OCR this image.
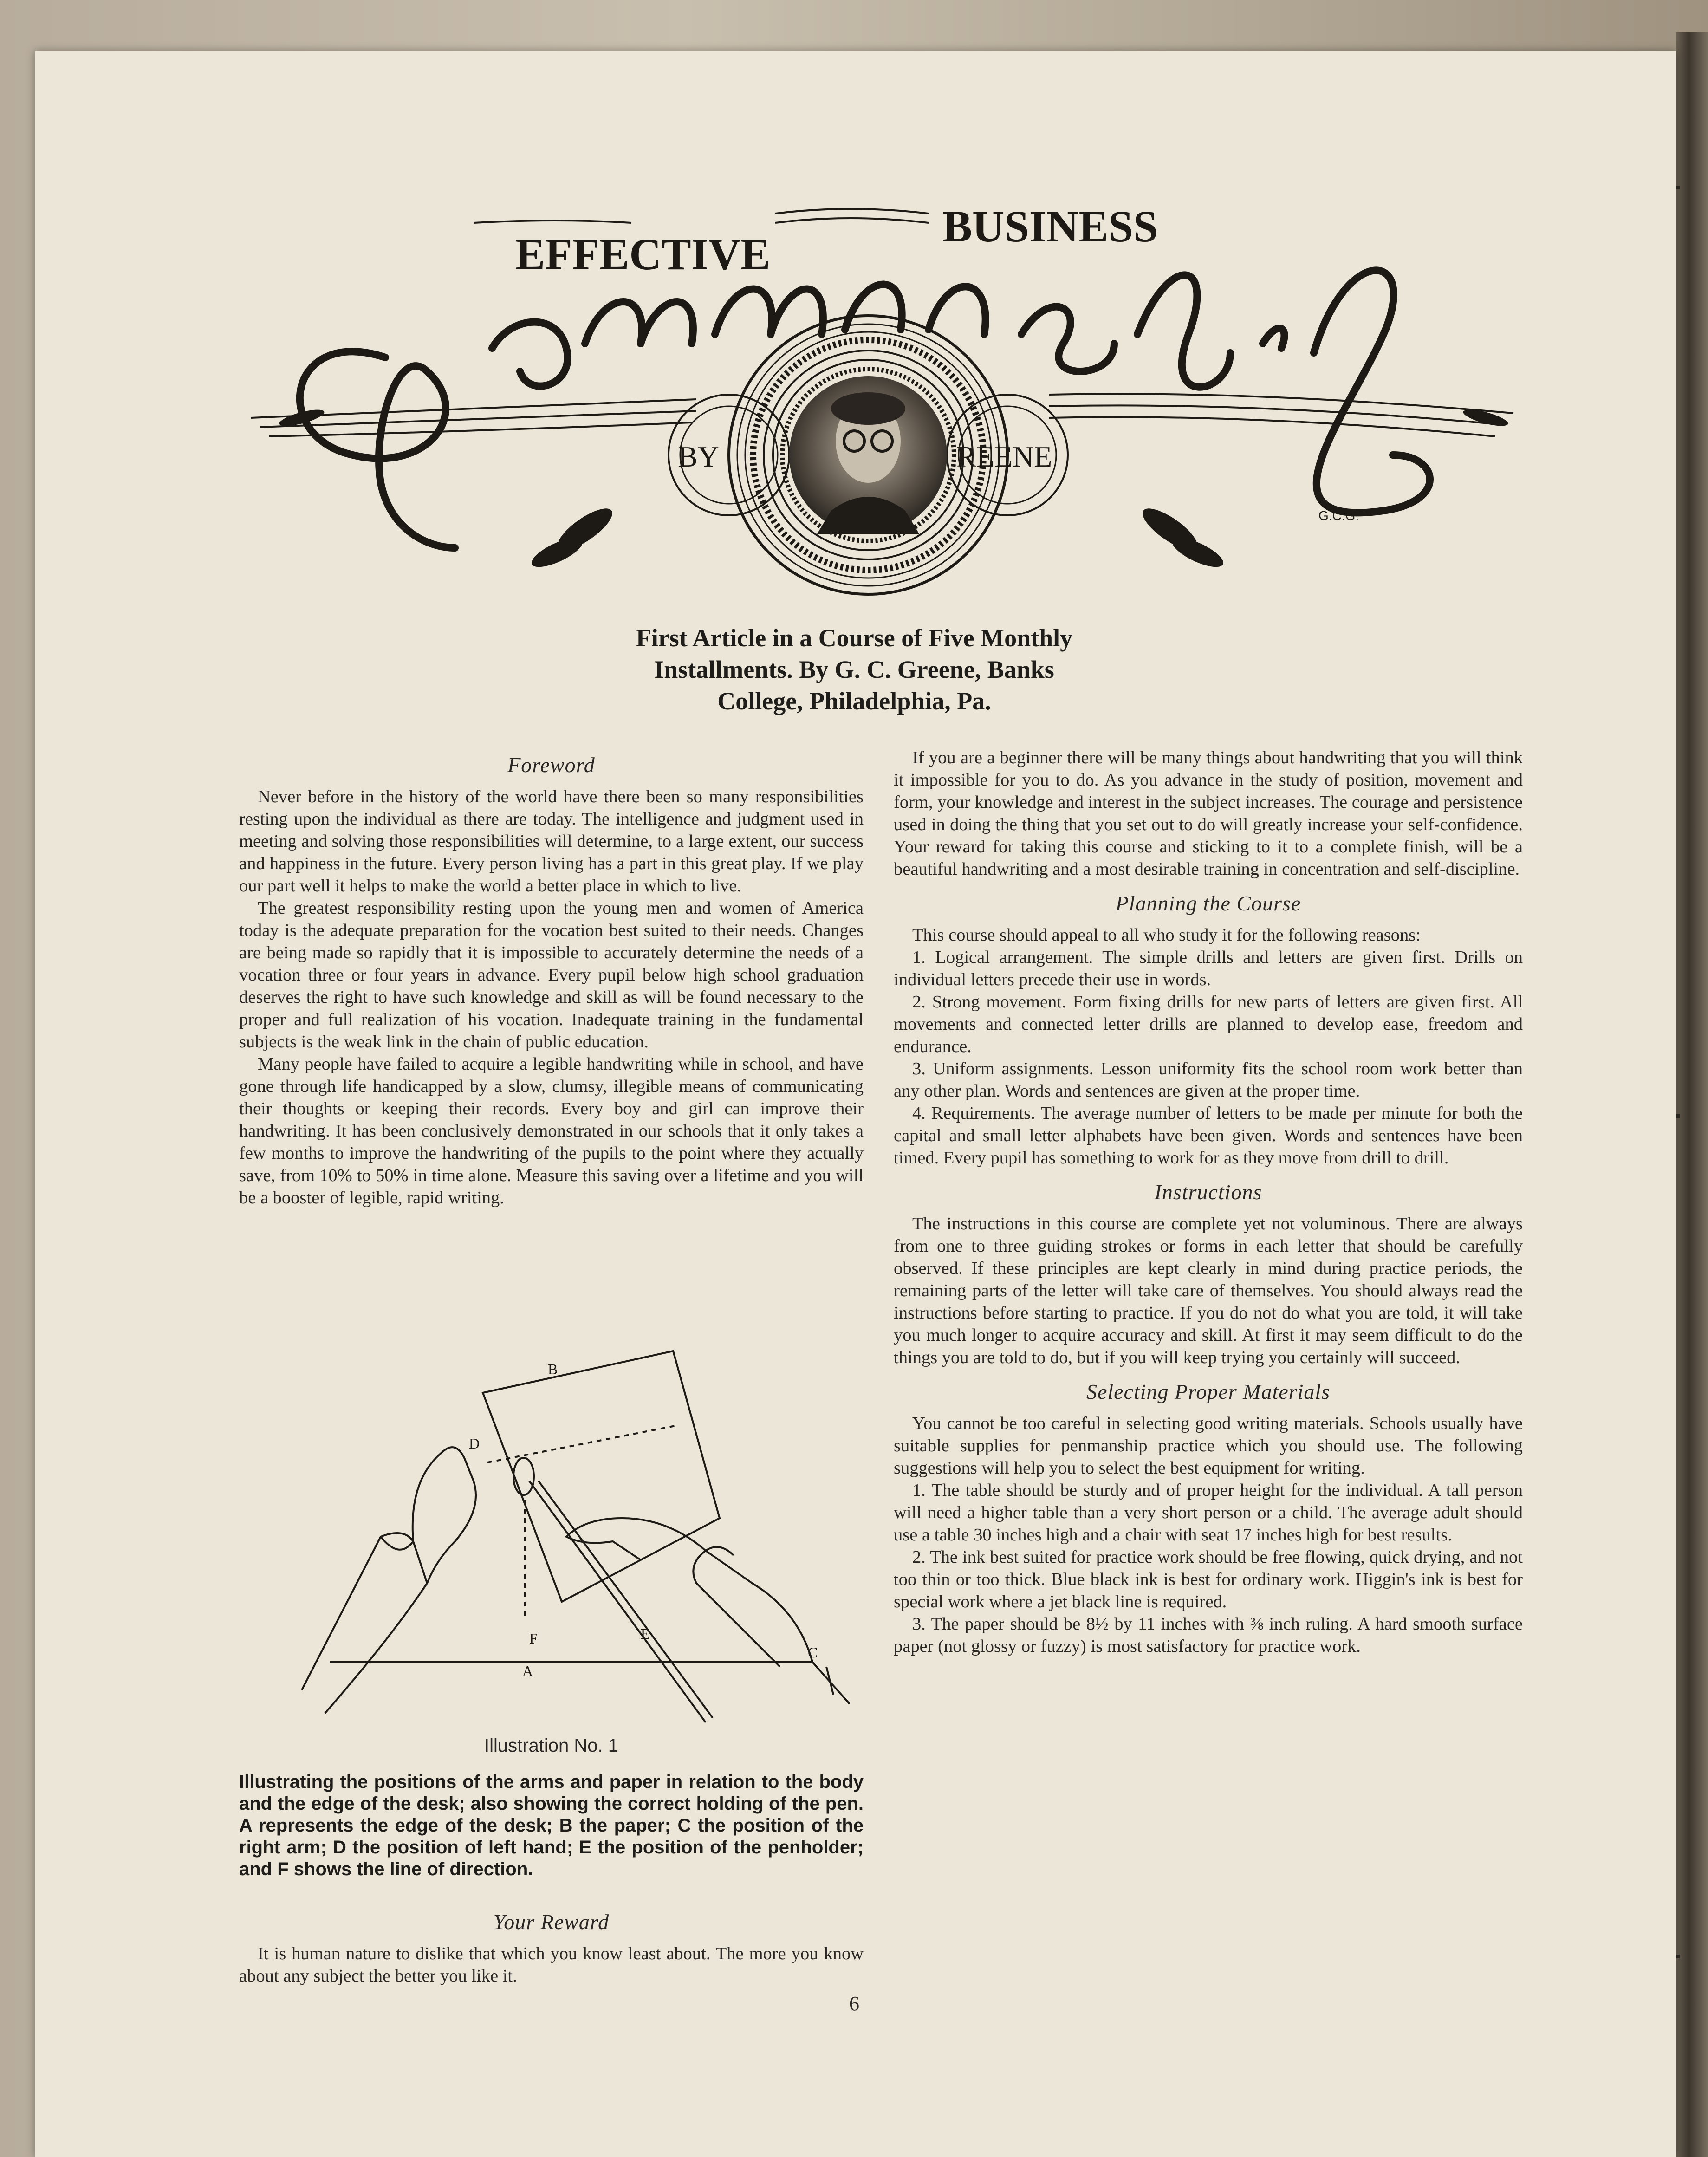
EFFECTIVE
BUSINESS
BY	REENE
G.C.G.
First Article in a Course of Five Monthly
Installments. By G. C. Greene, Banks
College, Philadelphia, Pa.
Foreword

Never before in the history of the world have there been so many responsibilities resting upon the individual as there are today. The intelligence and judgment used in meeting and solving those responsibilities will determine, to a large extent, our success and happiness in the future. Every person living has a part in this great play. If we play our part well it helps to make the world a better place in which to live.

The greatest responsibility resting upon the young men and women of America today is the adequate preparation for the vocation best suited to their needs. Changes are being made so rapidly that it is impossible to accurately determine the needs of a vocation three or four years in advance. Every pupil below high school graduation deserves the right to have such knowledge and skill as will be found necessary to the proper and full realization of his vocation. Inadequate training in the fundamental subjects is the weak link in the chain of public education.

Many people have failed to acquire a legible handwriting while in school, and have gone through life handicapped by a slow, clumsy, illegible means of communicating their thoughts or keeping their records. Every boy and girl can improve their handwriting. It has been conclusively demonstrated in our schools that it only takes a few months to improve the handwriting of the pupils to the point where they actually save, from 10% to 50% in time alone. Measure this saving over a lifetime and you will be a booster of legible, rapid writing.

A
B
C
D
E
F
Illustration No. 1
Illustrating the positions of the arms and paper in relation to the body and the edge of the desk; also showing the correct holding of the pen. A represents the edge of the desk; B the paper; C the position of the right arm; D the position of left hand; E the position of the penholder; and F shows the line of direction.
Your Reward

It is human nature to dislike that which you know least about. The more you know about any subject the better you like it.

If you are a beginner there will be many things about handwriting that you will think it impossible for you to do. As you advance in the study of position, movement and form, your knowledge and interest in the subject increases. The courage and persistence used in doing the thing that you set out to do will greatly increase your self-confidence. Your reward for taking this course and sticking to it to a complete finish, will be a beautiful handwriting and a most desirable training in concentration and self-discipline.

Planning the Course

This course should appeal to all who study it for the following reasons:

1. Logical arrangement. The simple drills and letters are given first. Drills on individual letters precede their use in words.

2. Strong movement. Form fixing drills for new parts of letters are given first. All movements and connected letter drills are planned to develop ease, freedom and endurance.

3. Uniform assignments. Lesson uniformity fits the school room work better than any other plan. Words and sentences are given at the proper time.

4. Requirements. The average number of letters to be made per minute for both the capital and small letter alphabets have been given. Words and sentences have been timed. Every pupil has something to work for as they move from drill to drill.

Instructions

The instructions in this course are complete yet not voluminous. There are always from one to three guiding strokes or forms in each letter that should be carefully observed. If these principles are kept clearly in mind during practice periods, the remaining parts of the letter will take care of themselves. You should always read the instructions before starting to practice. If you do not do what you are told, it will take you much longer to acquire accuracy and skill. At first it may seem difficult to do the things you are told to do, but if you will keep trying you certainly will succeed.

Selecting Proper Materials

You cannot be too careful in selecting good writing materials. Schools usually have suitable supplies for penmanship practice which you should use. The following suggestions will help you to select the best equipment for writing.

1. The table should be sturdy and of proper height for the individual. A tall person will need a higher table than a very short person or a child. The average adult should use a table 30 inches high and a chair with seat 17 inches high for best results.

2. The ink best suited for practice work should be free flowing, quick drying, and not too thin or too thick. Blue black ink is best for ordinary work. Higgin's ink is best for special work where a jet black line is required.

3. The paper should be 8½ by 11 inches with ⅜ inch ruling. A hard smooth surface paper (not glossy or fuzzy) is most satisfactory for practice work.

6
